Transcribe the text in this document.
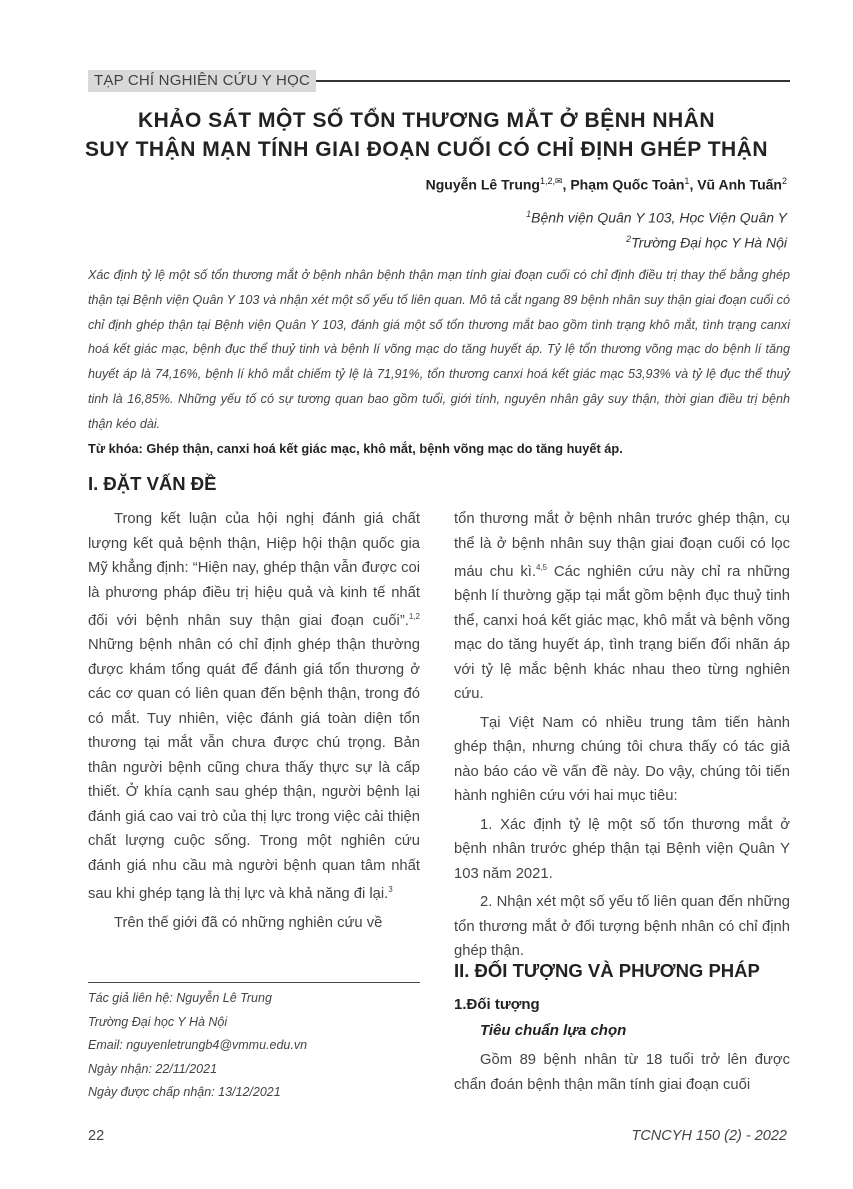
TẠP CHÍ NGHIÊN CỨU Y HỌC
KHẢO SÁT MỘT SỐ TỔN THƯƠNG MẮT Ở BỆNH NHÂN
SUY THẬN MẠN TÍNH GIAI ĐOẠN CUỐI CÓ CHỈ ĐỊNH GHÉP THẬN
Nguyễn Lê Trung$^{1,2,✉}$, Phạm Quốc Toản$^1$, Vũ Anh Tuấn$^2$
$^1$Bệnh viện Quân Y 103, Học Viện Quân Y
$^2$Trường Đại học Y Hà Nội
Xác định tỷ lệ một số tổn thương mắt ở bệnh nhân bệnh thận mạn tính giai đoạn cuối có chỉ định điều trị thay thế bằng ghép thận tại Bệnh viện Quân Y 103 và nhận xét một số yếu tố liên quan. Mô tả cắt ngang 89 bệnh nhân suy thận giai đoạn cuối có chỉ định ghép thận tại Bệnh viện Quân Y 103, đánh giá một số tổn thương mắt bao gồm tình trạng khô mắt, tình trạng canxi hoá kết giác mạc, bệnh đục thể thuỷ tinh và bệnh lí võng mạc do tăng huyết áp. Tỷ lệ tổn thương võng mạc do bệnh lí tăng huyết áp là 74,16%, bệnh lí khô mắt chiếm tỷ lệ là 71,91%, tổn thương canxi hoá kết giác mạc 53,93% và tỷ lệ đục thể thuỷ tinh là 16,85%. Những yếu tố có sự tương quan bao gồm tuổi, giới tính, nguyên nhân gây suy thận, thời gian điều trị bệnh thận kéo dài.
Từ khóa: Ghép thận, canxi hoá kết giác mạc, khô mắt, bệnh võng mạc do tăng huyết áp.
I. ĐẶT VẤN ĐỀ

Trong kết luận của hội nghị đánh giá chất lượng kết quả bệnh thận, Hiệp hội thận quốc gia Mỹ khẳng định: “Hiện nay, ghép thận vẫn được coi là phương pháp điều trị hiệu quả và kinh tế nhất đối với bệnh nhân suy thận giai đoạn cuối”.$^{1,2}$ Những bệnh nhân có chỉ định ghép thận thường được khám tổng quát để đánh giá tổn thương ở các cơ quan có liên quan đến bệnh thận, trong đó có mắt. Tuy nhiên, việc đánh giá toàn diện tổn thương tại mắt vẫn chưa được chú trọng. Bản thân người bệnh cũng chưa thấy thực sự là cấp thiết. Ở khía cạnh sau ghép thận, người bệnh lại đánh giá cao vai trò của thị lực trong việc cải thiện chất lượng cuộc sống. Trong một nghiên cứu đánh giá nhu cầu mà người bệnh quan tâm nhất sau khi ghép tạng là thị lực và khả năng đi lại.$^3$

Trên thế giới đã có những nghiên cứu về

tổn thương mắt ở bệnh nhân trước ghép thận, cụ thể là ở bệnh nhân suy thận giai đoạn cuối có lọc máu chu kì.$^{4,5}$ Các nghiên cứu này chỉ ra những bệnh lí thường gặp tại mắt gồm bệnh đục thuỷ tinh thể, canxi hoá kết giác mạc, khô mắt và bệnh võng mạc do tăng huyết áp, tình trạng biến đổi nhãn áp với tỷ lệ mắc bệnh khác nhau theo từng nghiên cứu.

Tại Việt Nam có nhiều trung tâm tiến hành ghép thận, nhưng chúng tôi chưa thấy có tác giả nào báo cáo về vấn đề này. Do vậy, chúng tôi tiến hành nghiên cứu với hai mục tiêu:

1. Xác định tỷ lệ một số tổn thương mắt ở bệnh nhân trước ghép thận tại Bệnh viện Quân Y 103 năm 2021.

2. Nhận xét một số yếu tố liên quan đến những tổn thương mắt ở đối tượng bệnh nhân có chỉ định ghép thận.

II. ĐỐI TƯỢNG VÀ PHƯƠNG PHÁP
1.Đối tượng
Tiêu chuẩn lựa chọn

Gồm 89 bệnh nhân từ 18 tuổi trở lên được chẩn đoán bệnh thận mãn tính giai đoạn cuối

Tác giả liên hệ: Nguyễn Lê Trung
Trường Đại học Y Hà Nội
Email: nguyenletrungb4@vmmu.edu.vn
Ngày nhận: 22/11/2021
Ngày được chấp nhận: 13/12/2021
22	TCNCYH 150 (2) - 2022
